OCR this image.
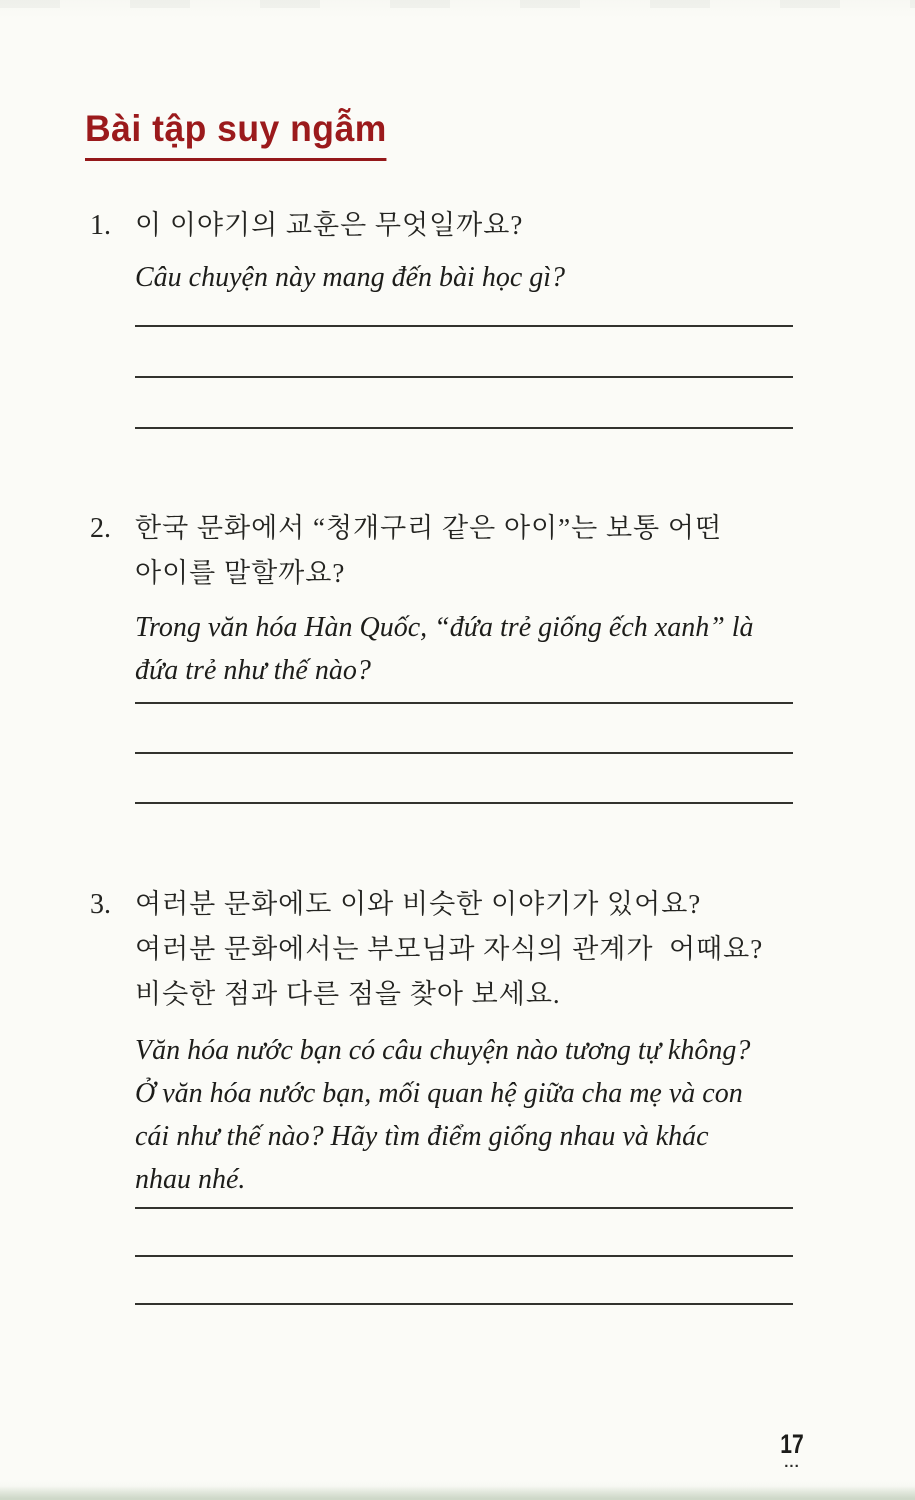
Bài tập suy ngẫm
1. 이 이야기의 교훈은 무엇일까요?
Câu chuyện này mang đến bài học gì?
2. 한국 문화에서 “청개구리 같은 아이”는 보통 어떤
아이를 말할까요?
Trong văn hóa Hàn Quốc, “đứa trẻ giống ếch xanh” là
đứa trẻ như thế nào?
3. 여러분 문화에도 이와 비슷한 이야기가 있어요?
여러분 문화에서는 부모님과 자식의 관계가  어때요?
비슷한 점과 다른 점을 찾아 보세요.
Văn hóa nước bạn có câu chuyện nào tương tự không?
Ở văn hóa nước bạn, mối quan hệ giữa cha mẹ và con
cái như thế nào? Hãy tìm điểm giống nhau và khác
nhau nhé.
17
...
